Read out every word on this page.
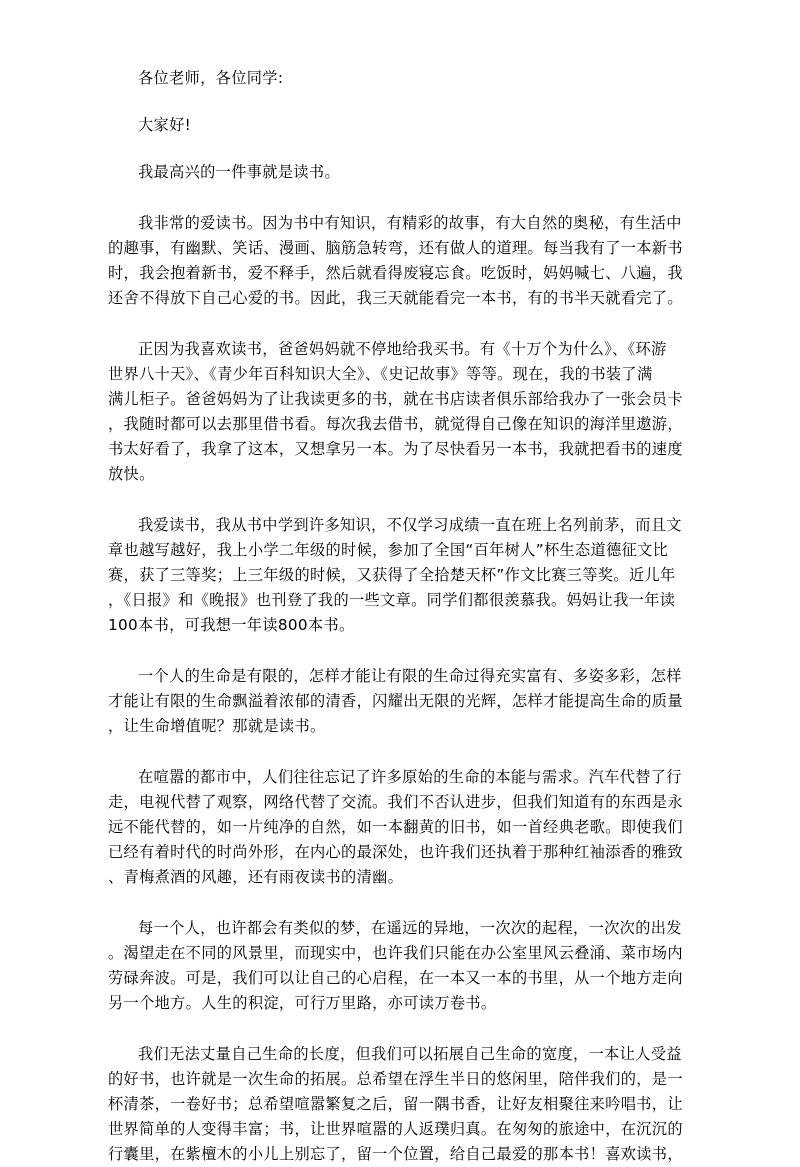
各位老师，各位同学:
大家好!
我最高兴的一件事就是读书。
我非常的爱读书。因为书中有知识，有精彩的故事，有大自然的奥秘，有生活中
的趣事，有幽默、笑话、漫画、脑筋急转弯，还有做人的道理。每当我有了一本新书
时，我会抱着新书，爱不释手，然后就看得废寝忘食。吃饭时，妈妈喊七、八遍，我
还舍不得放下自己心爱的书。因此，我三天就能看完一本书，有的书半天就看完了。
正因为我喜欢读书，爸爸妈妈就不停地给我买书。有《十万个为什么》、《环游
世界八十天》、《青少年百科知识大全》、《史记故事》等等。现在，我的书装了满
满儿柜子。爸爸妈妈为了让我读更多的书，就在书店读者俱乐部给我办了一张会员卡
，我随时都可以去那里借书看。每次我去借书，就觉得自己像在知识的海洋里遨游，
书太好看了，我拿了这本，又想拿另一本。为了尽快看另一本书，我就把看书的速度
放快。
我爱读书，我从书中学到许多知识，不仅学习成绩一直在班上名列前茅，而且文
章也越写越好，我上小学二年级的时候，参加了全国“百年树人”杯生态道德征文比
赛，获了三等奖；上三年级的时候，又获得了全拾楚天杯”作文比赛三等奖。近儿年
，《日报》和《晚报》也刊登了我的一些文章。同学们都很羡慕我。妈妈让我一年读
100本书，可我想一年读800本书。
一个人的生命是有限的，怎样才能让有限的生命过得充实富有、多姿多彩，怎样
才能让有限的生命飘溢着浓郁的清香，闪耀出无限的光辉，怎样才能提高生命的质量
，让生命增值呢？那就是读书。
在喧嚣的都市中，人们往往忘记了许多原始的生命的本能与需求。汽车代替了行
走，电视代替了观察，网络代替了交流。我们不否认进步，但我们知道有的东西是永
远不能代替的，如一片纯净的自然，如一本翻黄的旧书，如一首经典老歌。即使我们
已经有着时代的时尚外形，在内心的最深处，也许我们还执着于那种红袖添香的雅致
、青梅煮酒的风趣，还有雨夜读书的清幽。
每一个人，也许都会有类似的梦，在遥远的异地，一次次的起程，一次次的出发
。渴望走在不同的风景里，而现实中，也许我们只能在办公室里风云叠涌、菜市场内
劳碌奔波。可是，我们可以让自己的心启程，在一本又一本的书里，从一个地方走向
另一个地方。人生的积淀，可行万里路，亦可读万卷书。
我们无法丈量自己生命的长度，但我们可以拓展自己生命的宽度，一本让人受益
的好书，也许就是一次生命的拓展。总希望在浮生半日的悠闲里，陪伴我们的，是一
杯清茶，一卷好书；总希望喧嚣繁复之后，留一隅书香，让好友相聚往来吟唱书，让
世界简单的人变得丰富；书，让世界喧嚣的人返璞归真。在匆匆的旅途中，在沉沉的
行囊里，在紫檀木的小儿上别忘了，留一个位置，给自己最爱的那本书！喜欢读书，
